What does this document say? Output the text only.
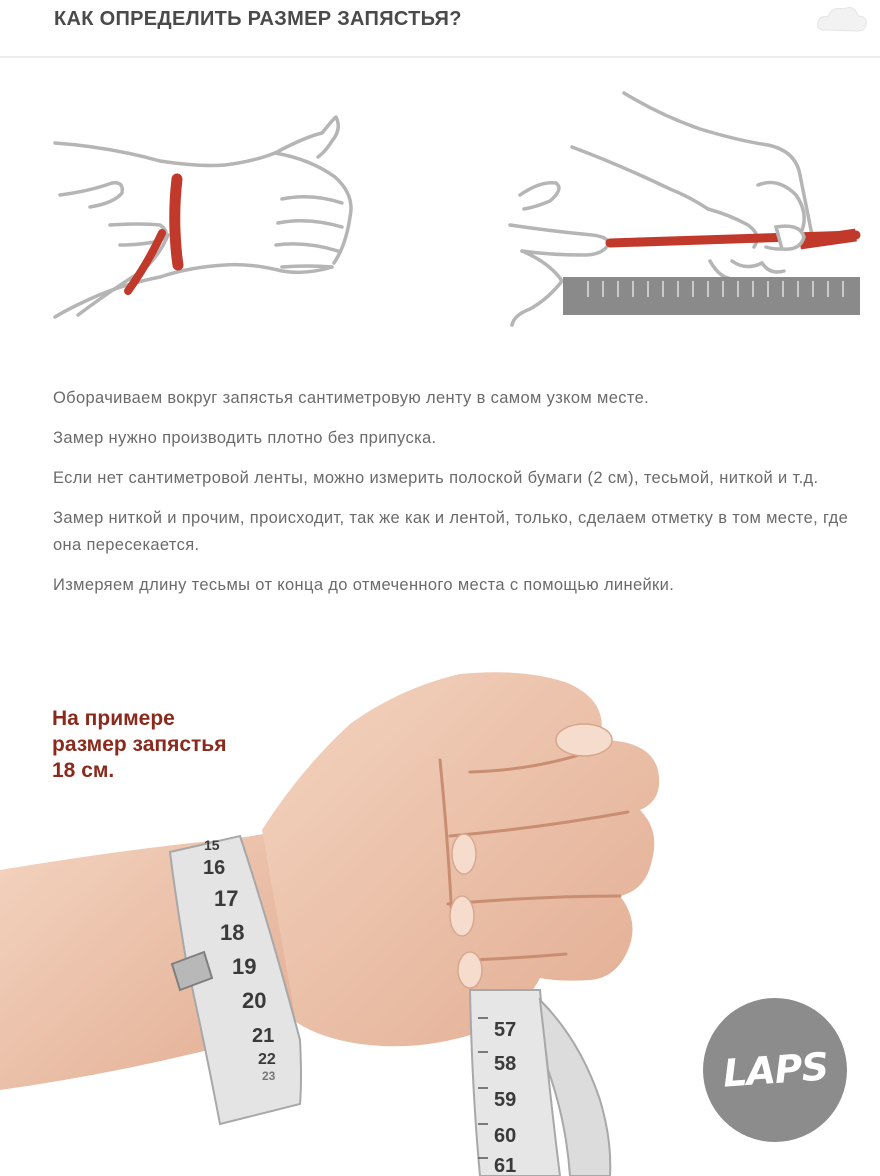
КАК ОПРЕДЕЛИТЬ РАЗМЕР ЗАПЯСТЬЯ?

Оборачиваем вокруг запястья сантиметровую ленту в самом узком месте.

Замер нужно производить плотно без припуска.

Если нет сантиметровой ленты, можно измерить полоской бумаги (2 см), тесьмой, ниткой и т.д.

Замер ниткой и прочим, происходит, так же как и лентой, только, сделаем отметку в том месте, где она пересекается.

Измеряем длину тесьмы от конца до отмеченного места с помощью линейки.

15
16
17
18
19
20
21
22
23
57
58
59
60
61
На примере
размер запястья
18 см.
LAPS
